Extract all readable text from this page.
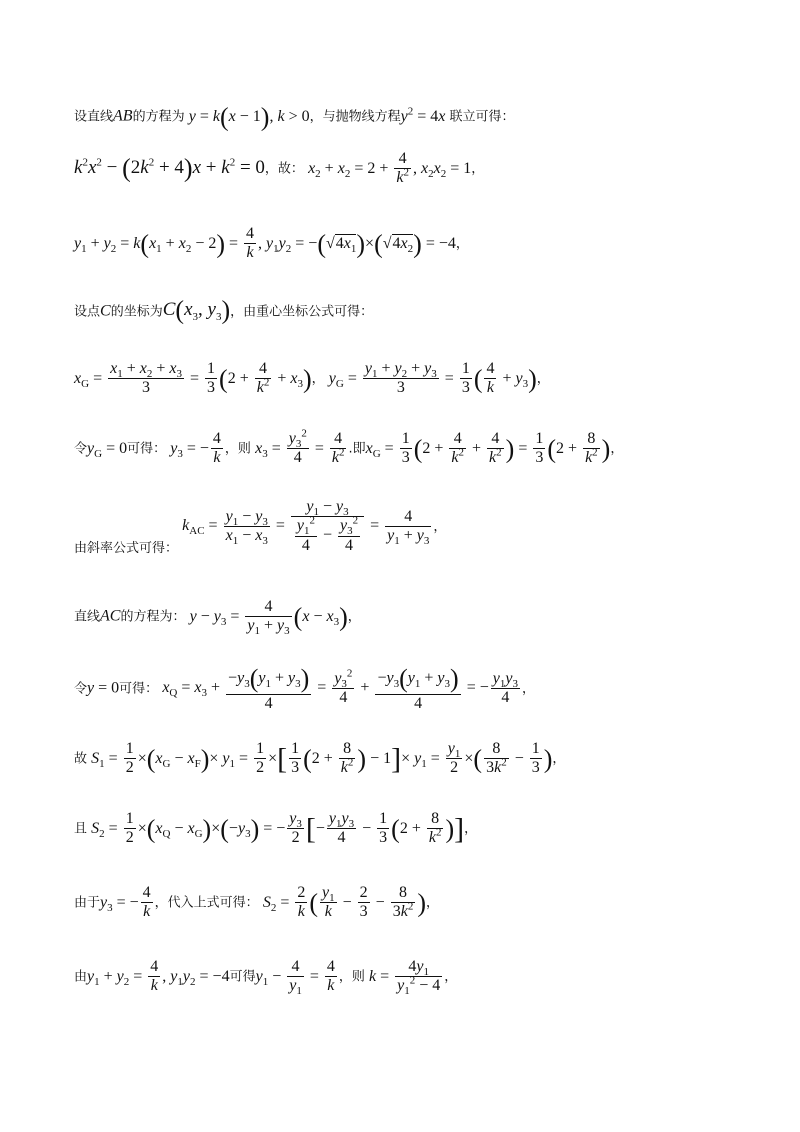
设直线AB的方程为 y = k(x − 1), k > 0，与抛物线方程$y^2 = 4x$ 联立可得：
$k^2x^2 - (2k^2 + 4)x + k^2 = 0$，故： $x_2 + x_2 = 2 + \frac{4}{k^2}$ , $x_2x_2 = 1$，
$y_1 + y_2 = k(x_1 + x_2 - 2) = \frac{4}{k}$ , $y_1y_2 = -(√4x_1)\times(√4x_2) = -4$，
设点C的坐标为$C(x_3$, $y_3$)，由重心坐标公式可得：
$x_G = \frac{x_1 + x_2 + x_3}{3} = \frac{1}{3} (2 + \frac{4}{k^2} + x_3)$， $y_G = \frac{y_1 + y_2 + y_3}{3} = \frac{1}{3}$ ( $\frac{4}{k} + y_3$)，
令$y_G = 0$可得： $y_3$ = − $\frac{4}{k}$ ，则 $x_3 = \frac{y_3^2}{4} = \frac{4}{k^2}$ .即$x_G = \frac{1}{3} (2 + \frac{4}{k^2} + \frac{4}{k^2}$ ) = $\frac{1}{3} (2 + \frac{8}{k^2}$ )，
由斜率公式可得： $k_{AC} = \frac{y_1 - y_3}{x_1 - x_3} = \frac{y_1 - y_3}{\frac{y_1^2}{4} - \frac{y_3^2}{4}} = \frac{4}{y_1 + y_3}$ ，
直线AC的方程为： $y - y_3 = \frac{4}{y_1 + y_3} (x - x_3)$，
令y = 0可得： $x_Q = x_3 + \frac{-y_3(y_1 + y_3)}{4} = \frac{y_3^2}{4} + \frac{-y_3(y_1 + y_3)}{4}$ = − $\frac{y_1y_3}{4}$ ，
故 $S_1 = \frac{1}{2} \times(x_G - x_F)\times y_1 = \frac{1}{2}$ ×[ $\frac{1}{3} (2 + \frac{8}{k^2}$ ) − $1]\times y_1 = \frac{y_1}{2}$ ×( $\frac{8}{3k^2} - \frac{1}{3}$ )，
且 $S_2 = \frac{1}{2} \times(x_Q - x_G)\times(-y_3)$ = − $\frac{y_3}{2}$ [− $\frac{y_1y_3}{4} - \frac{1}{3} (2 + \frac{8}{k^2}$ )]，
由于$y_3$ = − $\frac{4}{k}$ ，代入上式可得： $S_2 = \frac{2}{k}$ ( $\frac{y_1}{k} - \frac{2}{3} - \frac{8}{3k^2}$ )，
由$y_1 + y_2 = \frac{4}{k}$ , $y_1y_2 = -4$可得$y_1 - \frac{4}{y_1} = \frac{4}{k}$ ，则 $k = \frac{4y_1}{y_1^2 - 4}$ ，
